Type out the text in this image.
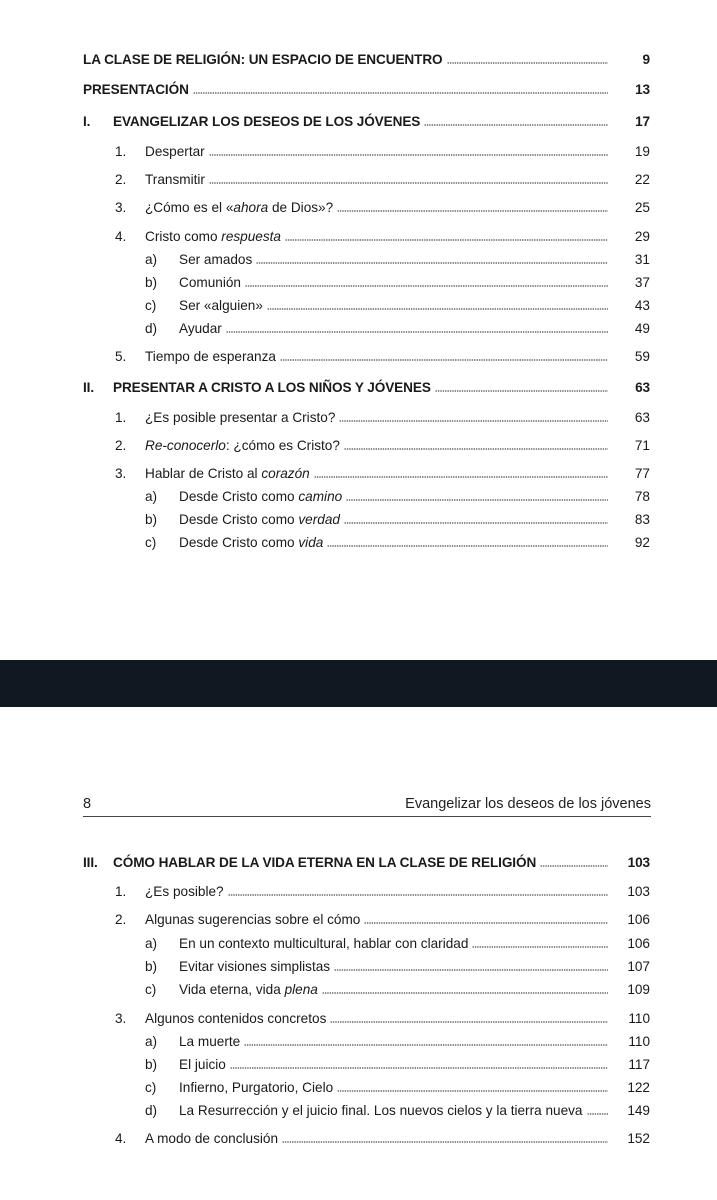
LA CLASE DE RELIGIÓN: UN ESPACIO DE ENCUENTRO	9
PRESENTACIÓN	13
I.	EVANGELIZAR LOS DESEOS DE LOS JÓVENES	17
1.	Despertar	19
2.	Transmitir	22
3.	¿Cómo es el «ahora de Dios»?	25
4.	Cristo como respuesta	29
a)	Ser amados	31
b)	Comunión	37
c)	Ser «alguien»	43
d)	Ayudar	49
5.	Tiempo de esperanza	59
II.	PRESENTAR A CRISTO A LOS NIÑOS Y JÓVENES	63
1.	¿Es posible presentar a Cristo?	63
2.	Re-conocerlo: ¿cómo es Cristo?	71
3.	Hablar de Cristo al corazón	77
a)	Desde Cristo como camino	78
b)	Desde Cristo como verdad	83
c)	Desde Cristo como vida	92
8	Evangelizar los deseos de los jóvenes
III.	CÓMO HABLAR DE LA VIDA ETERNA EN LA CLASE DE RELIGIÓN	103
1.	¿Es posible?	103
2.	Algunas sugerencias sobre el cómo	106
a)	En un contexto multicultural, hablar con claridad	106
b)	Evitar visiones simplistas	107
c)	Vida eterna, vida plena	109
3.	Algunos contenidos concretos	110
a)	La muerte	110
b)	El juicio	117
c)	Infierno, Purgatorio, Cielo	122
d)	La Resurrección y el juicio final. Los nuevos cielos y la tierra nueva	149
4.	A modo de conclusión	152
